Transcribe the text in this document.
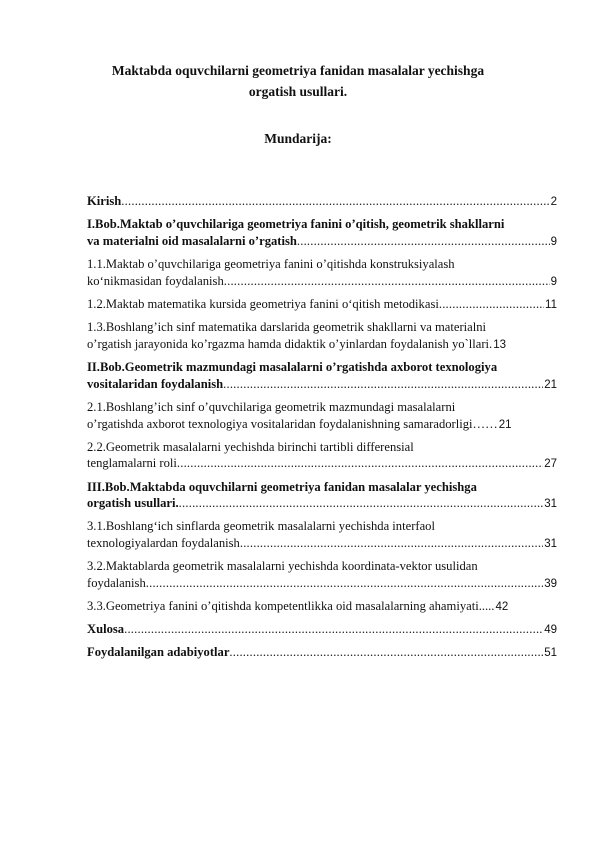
Maktabda oquvchilarni geometriya fanidan masalalar yechishga
orgatish usullari.
Mundarija:
Kirish .....	2
I.Bob.Maktab o’quvchilariga geometriya fanini o’qitish, geometrik shakllarni
va materialni oid masalalarni o’rgatish .....	9
1.1.Maktab o’quvchilariga geometriya fanini o’qitishda konstruksiyalash
ko‘nikmasidan foydalanish .....	9
1.2.Maktab matematika kursida geometriya fanini o‘qitish metodikasi .....	11
1.3.Boshlang’ich sinf matematika darslarida geometrik shakllarni va materialni
o’rgatish jarayonida ko’rgazma hamda didaktik o’yinlardan foydalanish yo`llari. 13
II.Bob.Geometrik mazmundagi masalalarni o’rgatishda axborot texnologiya
vositalaridan foydalanish .....	21
2.1.Boshlang’ich sinf o’quvchilariga geometrik mazmundagi masalalarni
o’rgatishda axborot texnologiya vositalaridan foydalanishning samaradorligi…… 21
2.2.Geometrik masalalarni yechishda birinchi tartibli differensial
tenglamalarni roli .....	27
III.Bob.Maktabda oquvchilarni geometriya fanidan masalalar yechishga
orgatish usullari. .....	31
3.1.Boshlang‘ich sinflarda geometrik masalalarni yechishda interfaol
texnologiyalardan foydalanish .....	31
3.2.Maktablarda geometrik masalalarni yechishda koordinata-vektor usulidan
foydalanish .....	39
3.3.Geometriya fanini o’qitishda kompetentlikka oid masalalarning ahamiyati..... 42
Xulosa .....	49
Foydalanilgan adabiyotlar .....	51
